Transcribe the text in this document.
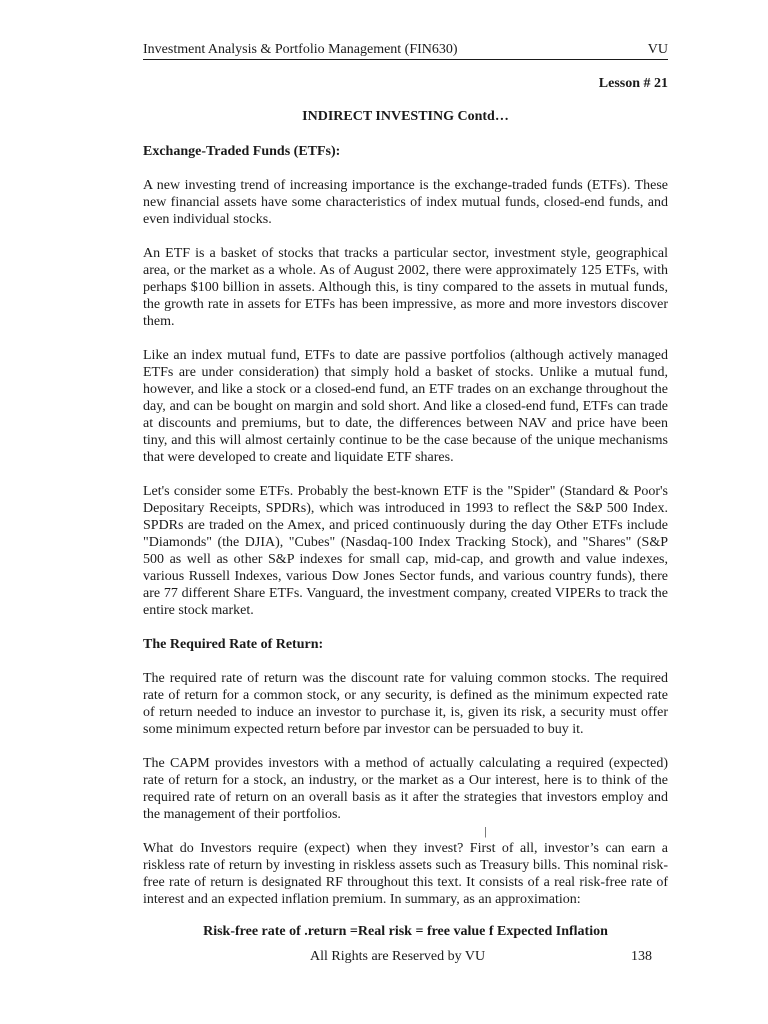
Investment Analysis & Portfolio Management (FIN630)	VU
Lesson # 21
INDIRECT INVESTING Contd…
Exchange-Traded Funds (ETFs):

A new investing trend of increasing importance is the exchange-traded funds (ETFs). These new financial assets have some characteristics of index mutual funds, closed-end funds, and even individual stocks.

An ETF is a basket of stocks that tracks a particular sector, investment style, geographical area, or the market as a whole. As of August 2002, there were approximately 125 ETFs, with perhaps $100 billion in assets. Although this, is tiny compared to the assets in mutual funds, the growth rate in assets for ETFs has been impressive, as more and more investors discover them.

Like an index mutual fund, ETFs to date are passive portfolios (although actively managed ETFs are under consideration) that simply hold a basket of stocks. Unlike a mutual fund, however, and like a stock or a closed-end fund, an ETF trades on an exchange throughout the day, and can be bought on margin and sold short. And like a closed-end fund, ETFs can trade at discounts and premiums, but to date, the differences between NAV and price have been tiny, and this will almost certainly continue to be the case because of the unique mechanisms that were developed to create and liquidate ETF shares.

Let's consider some ETFs. Probably the best-known ETF is the "Spider" (Standard & Poor's Depositary Receipts, SPDRs), which was introduced in 1993 to reflect the S&P 500 Index. SPDRs are traded on the Amex, and priced continuously during the day Other ETFs include "Diamonds" (the DJIA), "Cubes" (Nasdaq-100 Index Tracking Stock), and "Shares" (S&P 500 as well as other S&P indexes for small cap, mid-cap, and growth and value indexes, various Russell Indexes, various Dow Jones Sector funds, and various country funds), there are 77 different Share ETFs. Vanguard, the investment company, created VIPERs to track the entire stock market.

The Required Rate of Return:

The required rate of return was the discount rate for valuing common stocks. The required rate of return for a common stock, or any security, is defined as the minimum expected rate of return needed to induce an investor to purchase it, is, given its risk, a security must offer some minimum expected return before par investor can be persuaded to buy it.

The CAPM provides investors with a method of actually calculating a required (expected) rate of return for a stock, an industry, or the market as a Our interest, here is to think of the required rate of return on an overall basis as it after the strategies that investors employ and the management of their portfolios.

|

What do Investors require (expect) when they invest? First of all, investor’s can earn a riskless rate of return by investing in riskless assets such as Treasury bills. This nominal risk-free rate of return is designated RF throughout this text. It consists of a real risk-free rate of interest and an expected inflation premium. In summary, as an approximation:

Risk-free rate of .return =Real risk = free value f Expected Inflation
All Rights are Reserved by VU	138
